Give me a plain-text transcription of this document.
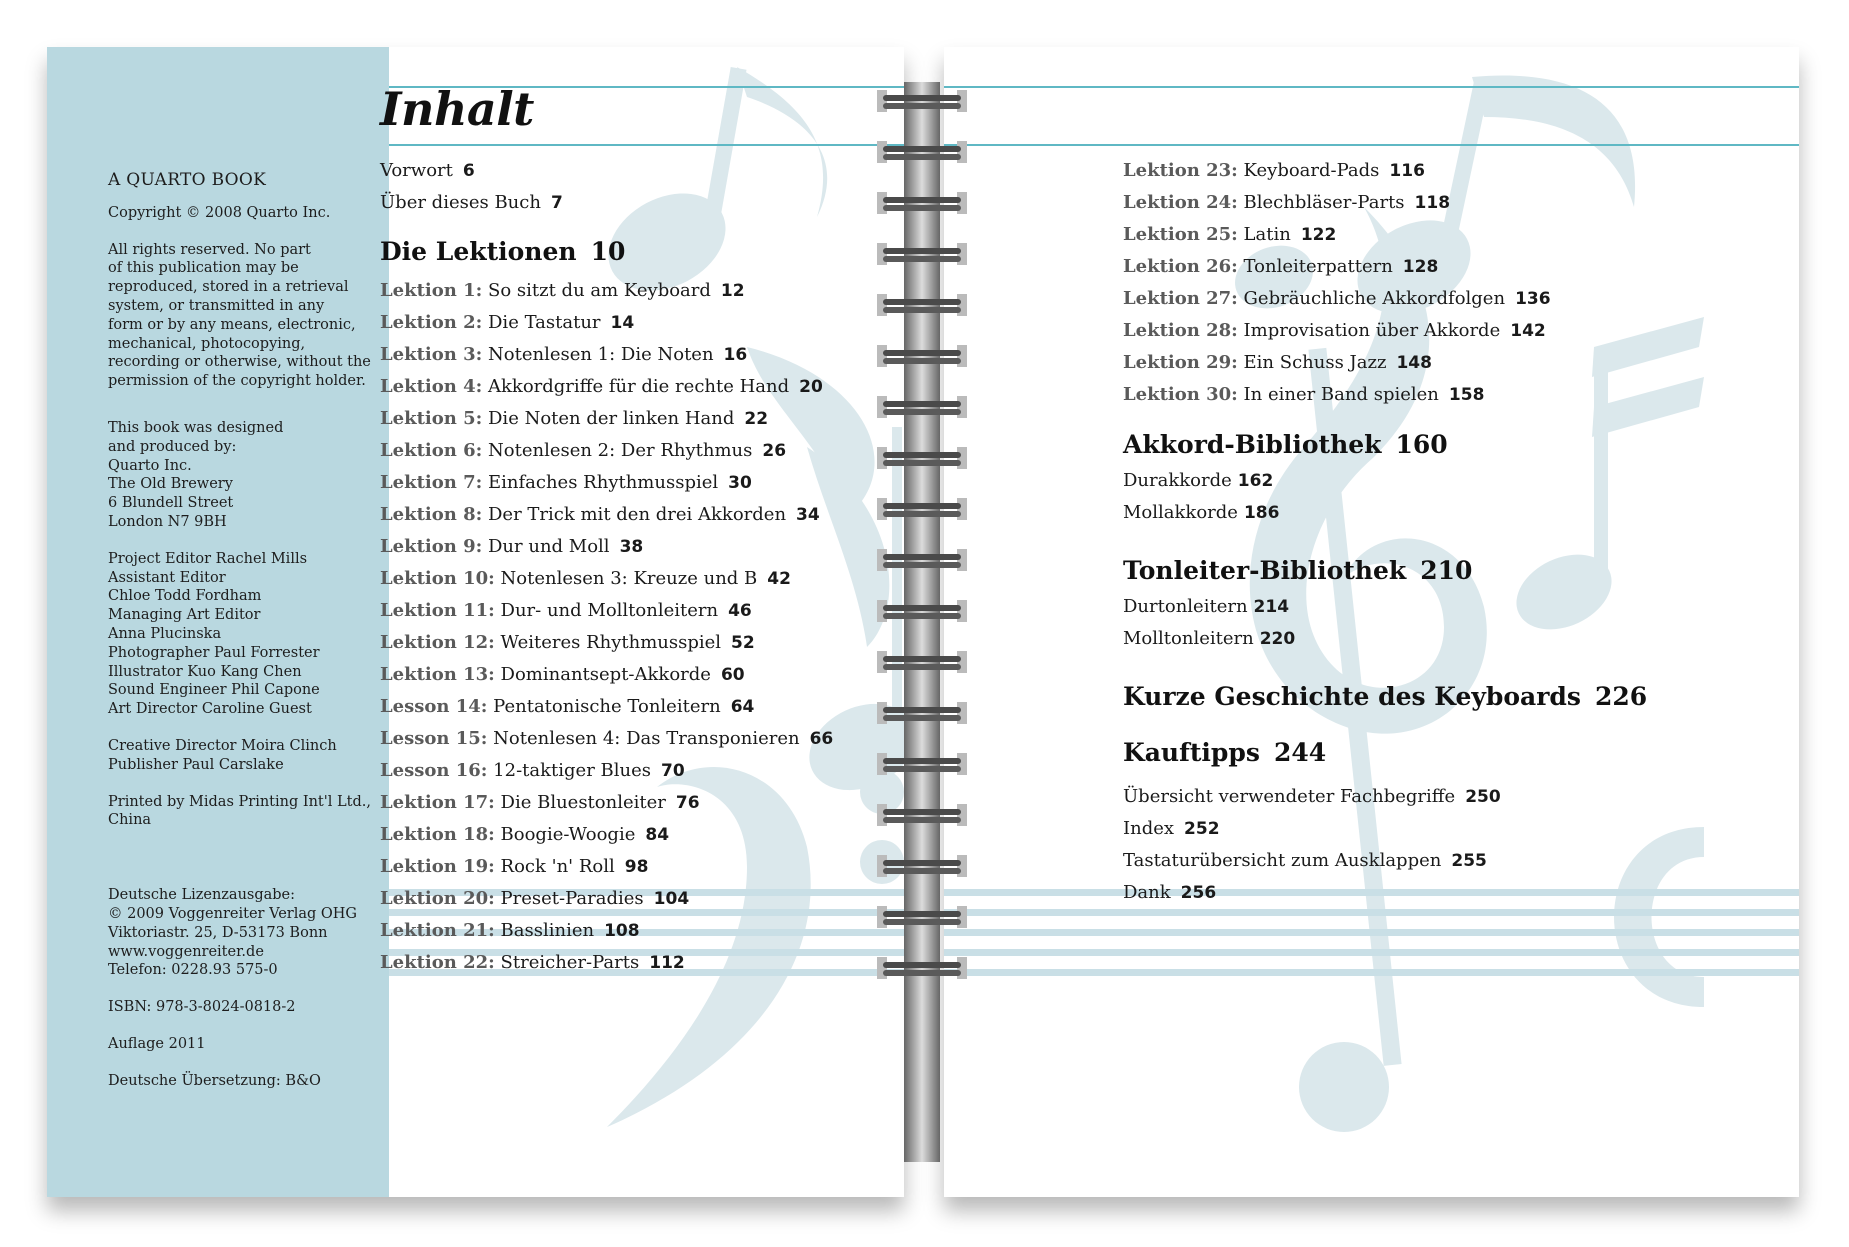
A QUARTO BOOK
Copyright © 2008 Quarto Inc.
All rights reserved. No part
of this publication may be
reproduced, stored in a retrieval
system, or transmitted in any
form or by any means, electronic,
mechanical, photocopying,
recording or otherwise, without the
permission of the copyright holder.
This book was designed
and produced by:
Quarto Inc.
The Old Brewery
6 Blundell Street
London N7 9BH
Project Editor Rachel Mills
Assistant Editor
Chloe Todd Fordham
Managing Art Editor
Anna Plucinska
Photographer Paul Forrester
Illustrator Kuo Kang Chen
Sound Engineer Phil Capone
Art Director Caroline Guest
Creative Director Moira Clinch
Publisher Paul Carslake
Printed by Midas Printing Int'l Ltd.,
China
Deutsche Lizenzausgabe:
© 2009 Voggenreiter Verlag OHG
Viktoriastr. 25, D-53173 Bonn
www.voggenreiter.de
Telefon: 0228.93 575-0
ISBN: 978-3-8024-0818-2
Auflage 2011
Deutsche Übersetzung: B&O
Inhalt
Vorwort 6
Über dieses Buch 7
Die Lektionen 10
Lektion 1: So sitzt du am Keyboard 12
Lektion 2: Die Tastatur 14
Lektion 3: Notenlesen 1: Die Noten 16
Lektion 4: Akkordgriffe für die rechte Hand 20
Lektion 5: Die Noten der linken Hand 22
Lektion 6: Notenlesen 2: Der Rhythmus 26
Lektion 7: Einfaches Rhythmusspiel 30
Lektion 8: Der Trick mit den drei Akkorden 34
Lektion 9: Dur und Moll 38
Lektion 10: Notenlesen 3: Kreuze und B 42
Lektion 11: Dur- und Molltonleitern 46
Lektion 12: Weiteres Rhythmusspiel 52
Lektion 13: Dominantsept-Akkorde 60
Lesson 14: Pentatonische Tonleitern 64
Lesson 15: Notenlesen 4: Das Transponieren 66
Lesson 16: 12-taktiger Blues 70
Lektion 17: Die Bluestonleiter 76
Lektion 18: Boogie-Woogie 84
Lektion 19: Rock 'n' Roll 98
Lektion 20: Preset-Paradies 104
Lektion 21: Basslinien 108
Lektion 22: Streicher-Parts 112
Lektion 23: Keyboard-Pads 116
Lektion 24: Blechbläser-Parts 118
Lektion 25: Latin 122
Lektion 26: Tonleiterpattern 128
Lektion 27: Gebräuchliche Akkordfolgen 136
Lektion 28: Improvisation über Akkorde 142
Lektion 29: Ein Schuss Jazz 148
Lektion 30: In einer Band spielen 158
Akkord-Bibliothek 160
Durakkorde 162
Mollakkorde 186
Tonleiter-Bibliothek 210
Durtonleitern 214
Molltonleitern 220
Kurze Geschichte des Keyboards 226
Kauftipps 244
Übersicht verwendeter Fachbegriffe 250
Index 252
Tastaturübersicht zum Ausklappen 255
Dank 256
